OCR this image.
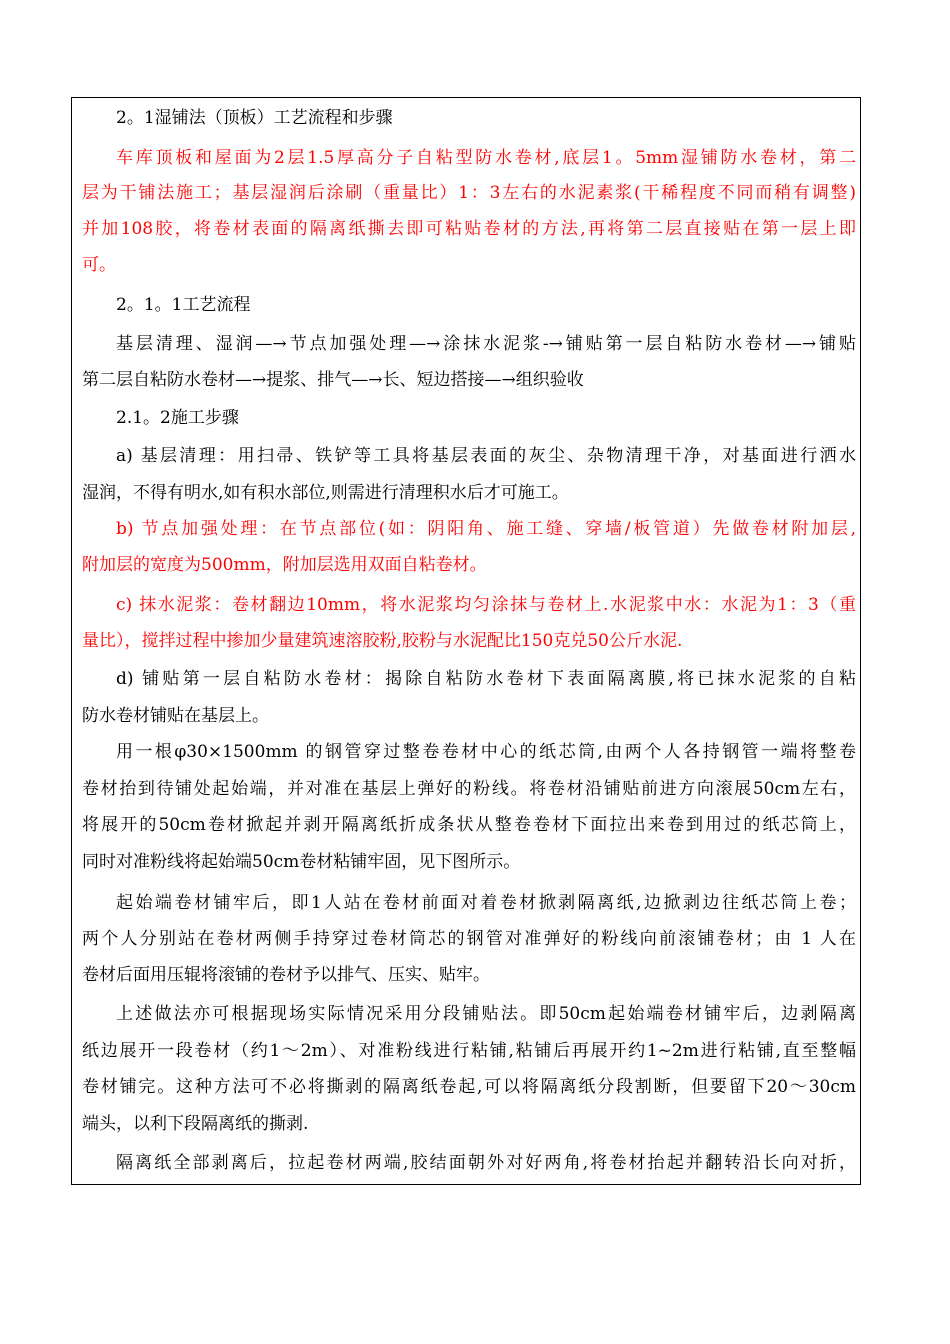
2。1湿铺法（顶板）工艺流程和步骤
车库顶板和屋面为2层1.5厚高分子自粘型防水卷材,底层1。5mm湿铺防水卷材，第二
层为干铺法施工；基层湿润后涂刷（重量比）1：3左右的水泥素浆(干稀程度不同而稍有调整)
并加108胶，将卷材表面的隔离纸撕去即可粘贴卷材的方法,再将第二层直接贴在第一层上即
可。
2。1。1工艺流程
基层清理、湿润—→节点加强处理—→涂抹水泥浆-→铺贴第一层自粘防水卷材—→铺贴
第二层自粘防水卷材—→提浆、排气—→长、短边搭接—→组织验收
2.1。2施工步骤
a) 基层清理：用扫帚、铁铲等工具将基层表面的灰尘、杂物清理干净，对基面进行洒水
湿润，不得有明水,如有积水部位,则需进行清理积水后才可施工。
b) 节点加强处理：在节点部位(如：阴阳角、施工缝、穿墙/板管道）先做卷材附加层,
附加层的宽度为500mm，附加层选用双面自粘卷材。
c) 抹水泥浆：卷材翻边10mm，将水泥浆均匀涂抹与卷材上.水泥浆中水：水泥为1：3（重
量比），搅拌过程中掺加少量建筑速溶胶粉,胶粉与水泥配比150克兑50公斤水泥.
d) 铺贴第一层自粘防水卷材：揭除自粘防水卷材下表面隔离膜,将已抹水泥浆的自粘
防水卷材铺贴在基层上。
用一根φ30×1500mm 的钢管穿过整卷卷材中心的纸芯筒,由两个人各持钢管一端将整卷
卷材抬到待铺处起始端，并对准在基层上弹好的粉线。将卷材沿铺贴前进方向滚展50cm左右，
将展开的50cm卷材掀起并剥开隔离纸折成条状从整卷卷材下面拉出来卷到用过的纸芯筒上，
同时对准粉线将起始端50cm卷材粘铺牢固，见下图所示。
起始端卷材铺牢后，即1人站在卷材前面对着卷材掀剥隔离纸,边掀剥边往纸芯筒上卷；
两个人分别站在卷材两侧手持穿过卷材筒芯的钢管对准弹好的粉线向前滚铺卷材；由 1 人在
卷材后面用压辊将滚铺的卷材予以排气、压实、贴牢。
上述做法亦可根据现场实际情况采用分段铺贴法。即50cm起始端卷材铺牢后，边剥隔离
纸边展开一段卷材（约1～2m）、对准粉线进行粘铺,粘铺后再展开约1~2m进行粘铺,直至整幅
卷材铺完。这种方法可不必将撕剥的隔离纸卷起,可以将隔离纸分段割断，但要留下20～30cm
端头，以利下段隔离纸的撕剥.
隔离纸全部剥离后，拉起卷材两端,胶结面朝外对好两角,将卷材抬起并翻转沿长向对折，
